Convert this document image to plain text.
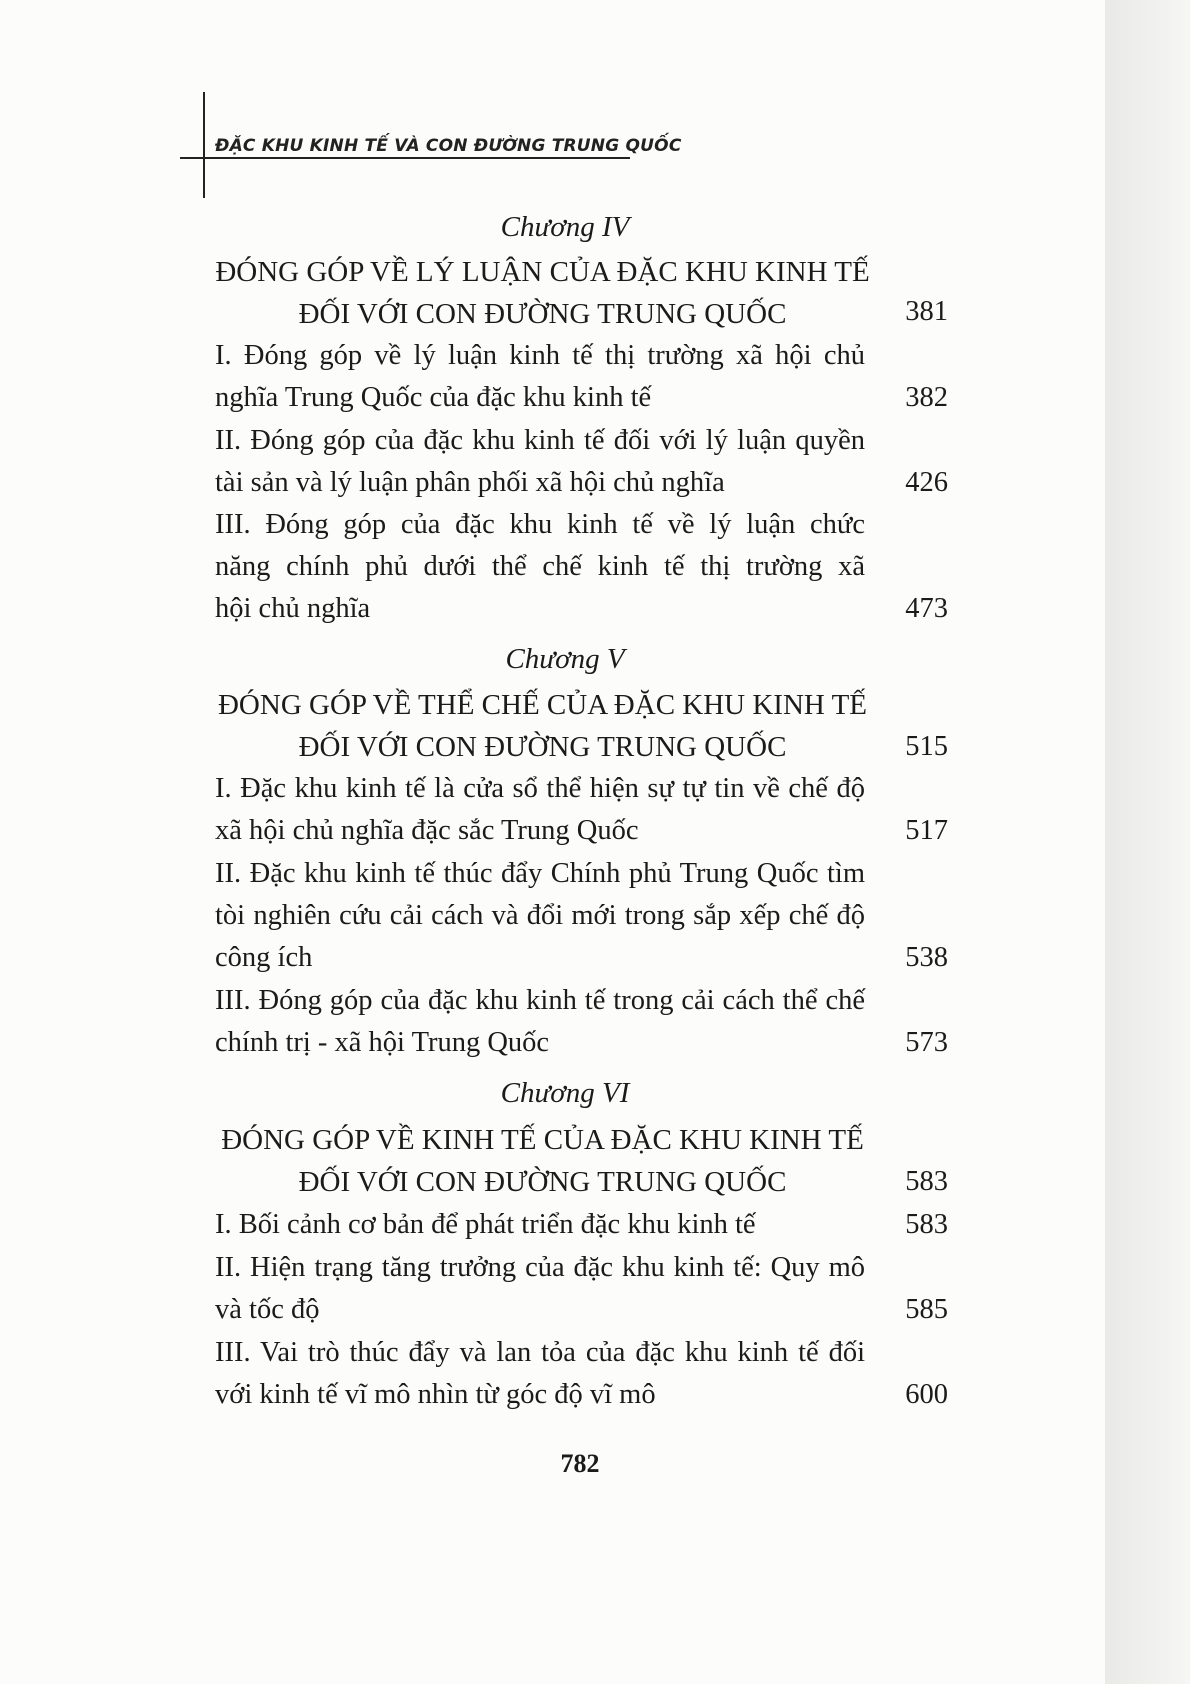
ĐẶC KHU KINH TẾ VÀ CON ĐƯỜNG TRUNG QUỐC
Chương IV
ĐÓNG GÓP VỀ LÝ LUẬN CỦA ĐẶC KHU KINH TẾ
ĐỐI VỚI CON ĐƯỜNG TRUNG QUỐC	381
I. Đóng góp về lý luận kinh tế thị trường xã hội chủ
nghĩa Trung Quốc của đặc khu kinh tế	382
II. Đóng góp của đặc khu kinh tế đối với lý luận quyền
tài sản và lý luận phân phối xã hội chủ nghĩa	426
III. Đóng góp của đặc khu kinh tế về lý luận chức
năng chính phủ dưới thể chế kinh tế thị trường xã
hội chủ nghĩa	473
Chương V
ĐÓNG GÓP VỀ THỂ CHẾ CỦA ĐẶC KHU KINH TẾ
ĐỐI VỚI CON ĐƯỜNG TRUNG QUỐC	515
I. Đặc khu kinh tế là cửa sổ thể hiện sự tự tin về chế độ
xã hội chủ nghĩa đặc sắc Trung Quốc	517
II. Đặc khu kinh tế thúc đẩy Chính phủ Trung Quốc tìm
tòi nghiên cứu cải cách và đổi mới trong sắp xếp chế độ
công ích	538
III. Đóng góp của đặc khu kinh tế trong cải cách thể chế
chính trị - xã hội Trung Quốc	573
Chương VI
ĐÓNG GÓP VỀ KINH TẾ CỦA ĐẶC KHU KINH TẾ
ĐỐI VỚI CON ĐƯỜNG TRUNG QUỐC	583
I. Bối cảnh cơ bản để phát triển đặc khu kinh tế	583
II. Hiện trạng tăng trưởng của đặc khu kinh tế: Quy mô
và tốc độ	585
III. Vai trò thúc đẩy và lan tỏa của đặc khu kinh tế đối
với kinh tế vĩ mô nhìn từ góc độ vĩ mô	600
782
